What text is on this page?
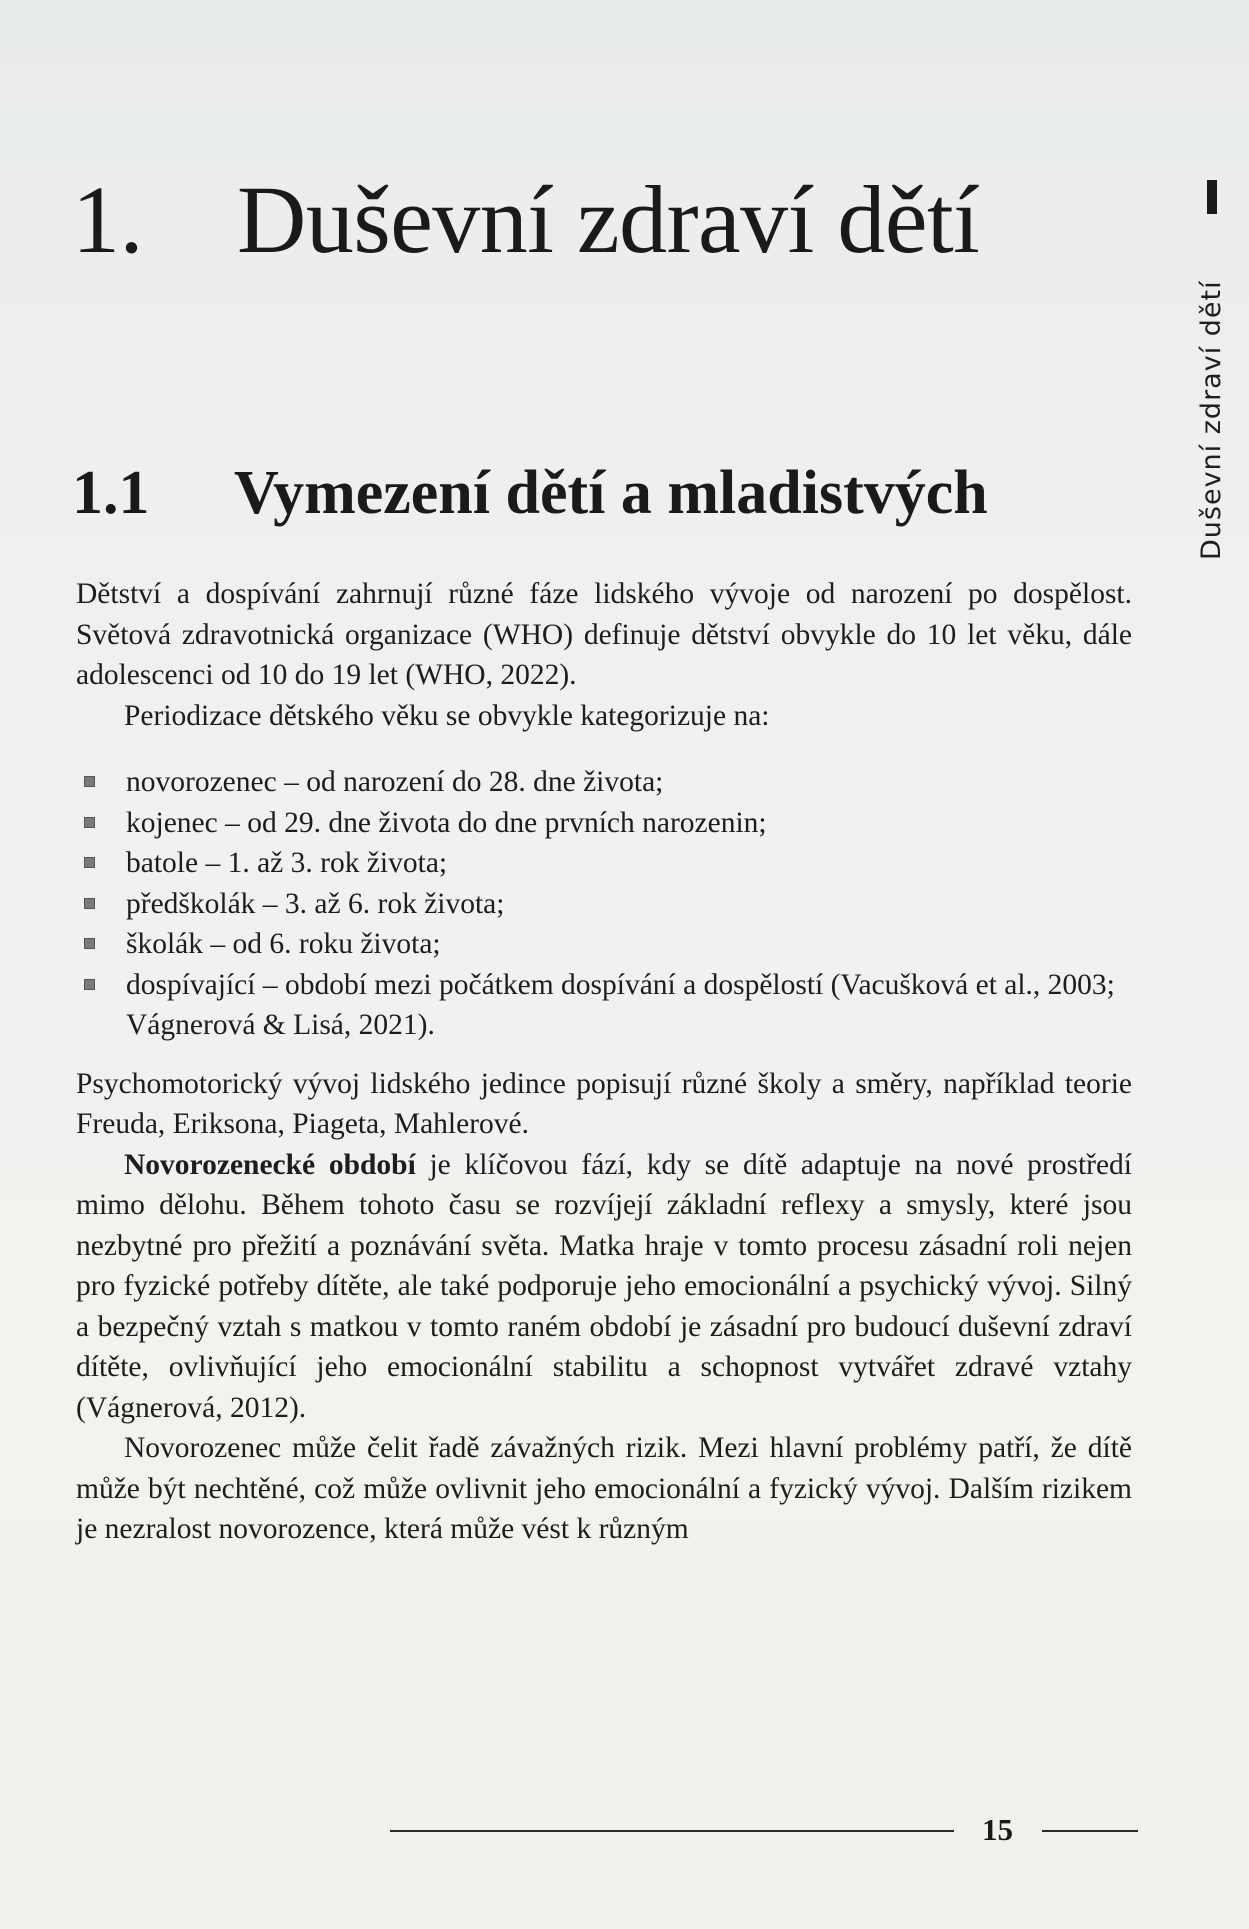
1. Duševní zdraví dětí
1.1 Vymezení dětí a mladistvých	Duševní zdraví dětí

Dětství a dospívání zahrnují různé fáze lidského vývoje od narození po dospělost. Světová zdravotnická organizace (WHO) definuje dětství obvykle do 10 let věku, dále adolescenci od 10 do 19 let (WHO, 2022).

Periodizace dětského věku se obvykle kategorizuje na:

novorozenec – od narození do 28. dne života;
kojenec – od 29. dne života do dne prvních narozenin;
batole – 1. až 3. rok života;
předškolák – 3. až 6. rok života;
školák – od 6. roku života;
dospívající – období mezi počátkem dospívání a dospělostí (Vacušková et al., 2003; Vágnerová & Lisá, 2021).

Psychomotorický vývoj lidského jedince popisují různé školy a směry, například teorie Freuda, Eriksona, Piageta, Mahlerové.

Novorozenecké období je klíčovou fází, kdy se dítě adaptuje na nové prostředí mimo dělohu. Během tohoto času se rozvíjejí základní reflexy a smysly, které jsou nezbytné pro přežití a poznávání světa. Matka hraje v tomto procesu zásadní roli nejen pro fyzické potřeby dítěte, ale také podporuje jeho emocionální a psychický vývoj. Silný a bezpečný vztah s matkou v tomto raném období je zásadní pro budoucí duševní zdraví dítěte, ovlivňující jeho emocionální stabilitu a schopnost vytvářet zdravé vztahy (Vágnerová, 2012).

Novorozenec může čelit řadě závažných rizik. Mezi hlavní problémy patří, že dítě může být nechtěné, což může ovlivnit jeho emocionální a fyzický vývoj. Dalším rizikem je nezralost novorozence, která může vést k různým

15
